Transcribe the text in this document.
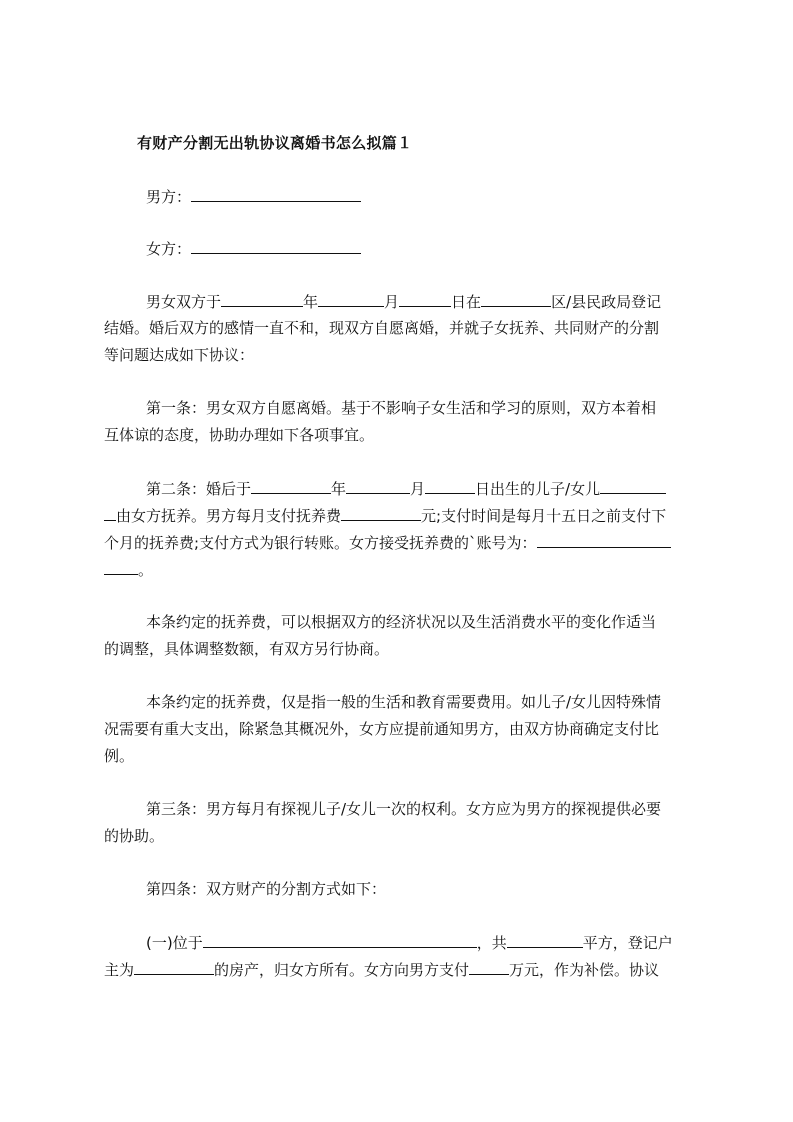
有财产分割无出轨协议离婚书怎么拟篇１
男方：
女方：
男女双方于	年	月	日在	区/县民政局登记
结婚。婚后双方的感情一直不和，现双方自愿离婚，并就子女抚养、共同财产的分割
等问题达成如下协议：
第一条：男女双方自愿离婚。基于不影响子女生活和学习的原则，双方本着相
互体谅的态度，协助办理如下各项事宜。
第二条：婚后于	年	月	日出生的儿子/女儿
由女方抚养。男方每月支付抚养费	元;支付时间是每月十五日之前支付下
个月的抚养费;支付方式为银行转账。女方接受抚养费的`账号为：
。
本条约定的抚养费，可以根据双方的经济状况以及生活消费水平的变化作适当
的调整，具体调整数额，有双方另行协商。
本条约定的抚养费，仅是指一般的生活和教育需要费用。如儿子/女儿因特殊情
况需要有重大支出，除紧急其概况外，女方应提前通知男方，由双方协商确定支付比
例。
第三条：男方每月有探视儿子/女儿一次的权利。女方应为男方的探视提供必要
的协助。
第四条：双方财产的分割方式如下：
(一)位于	，共	平方，登记户
主为	的房产，归女方所有。女方向男方支付	万元，作为补偿。协议
